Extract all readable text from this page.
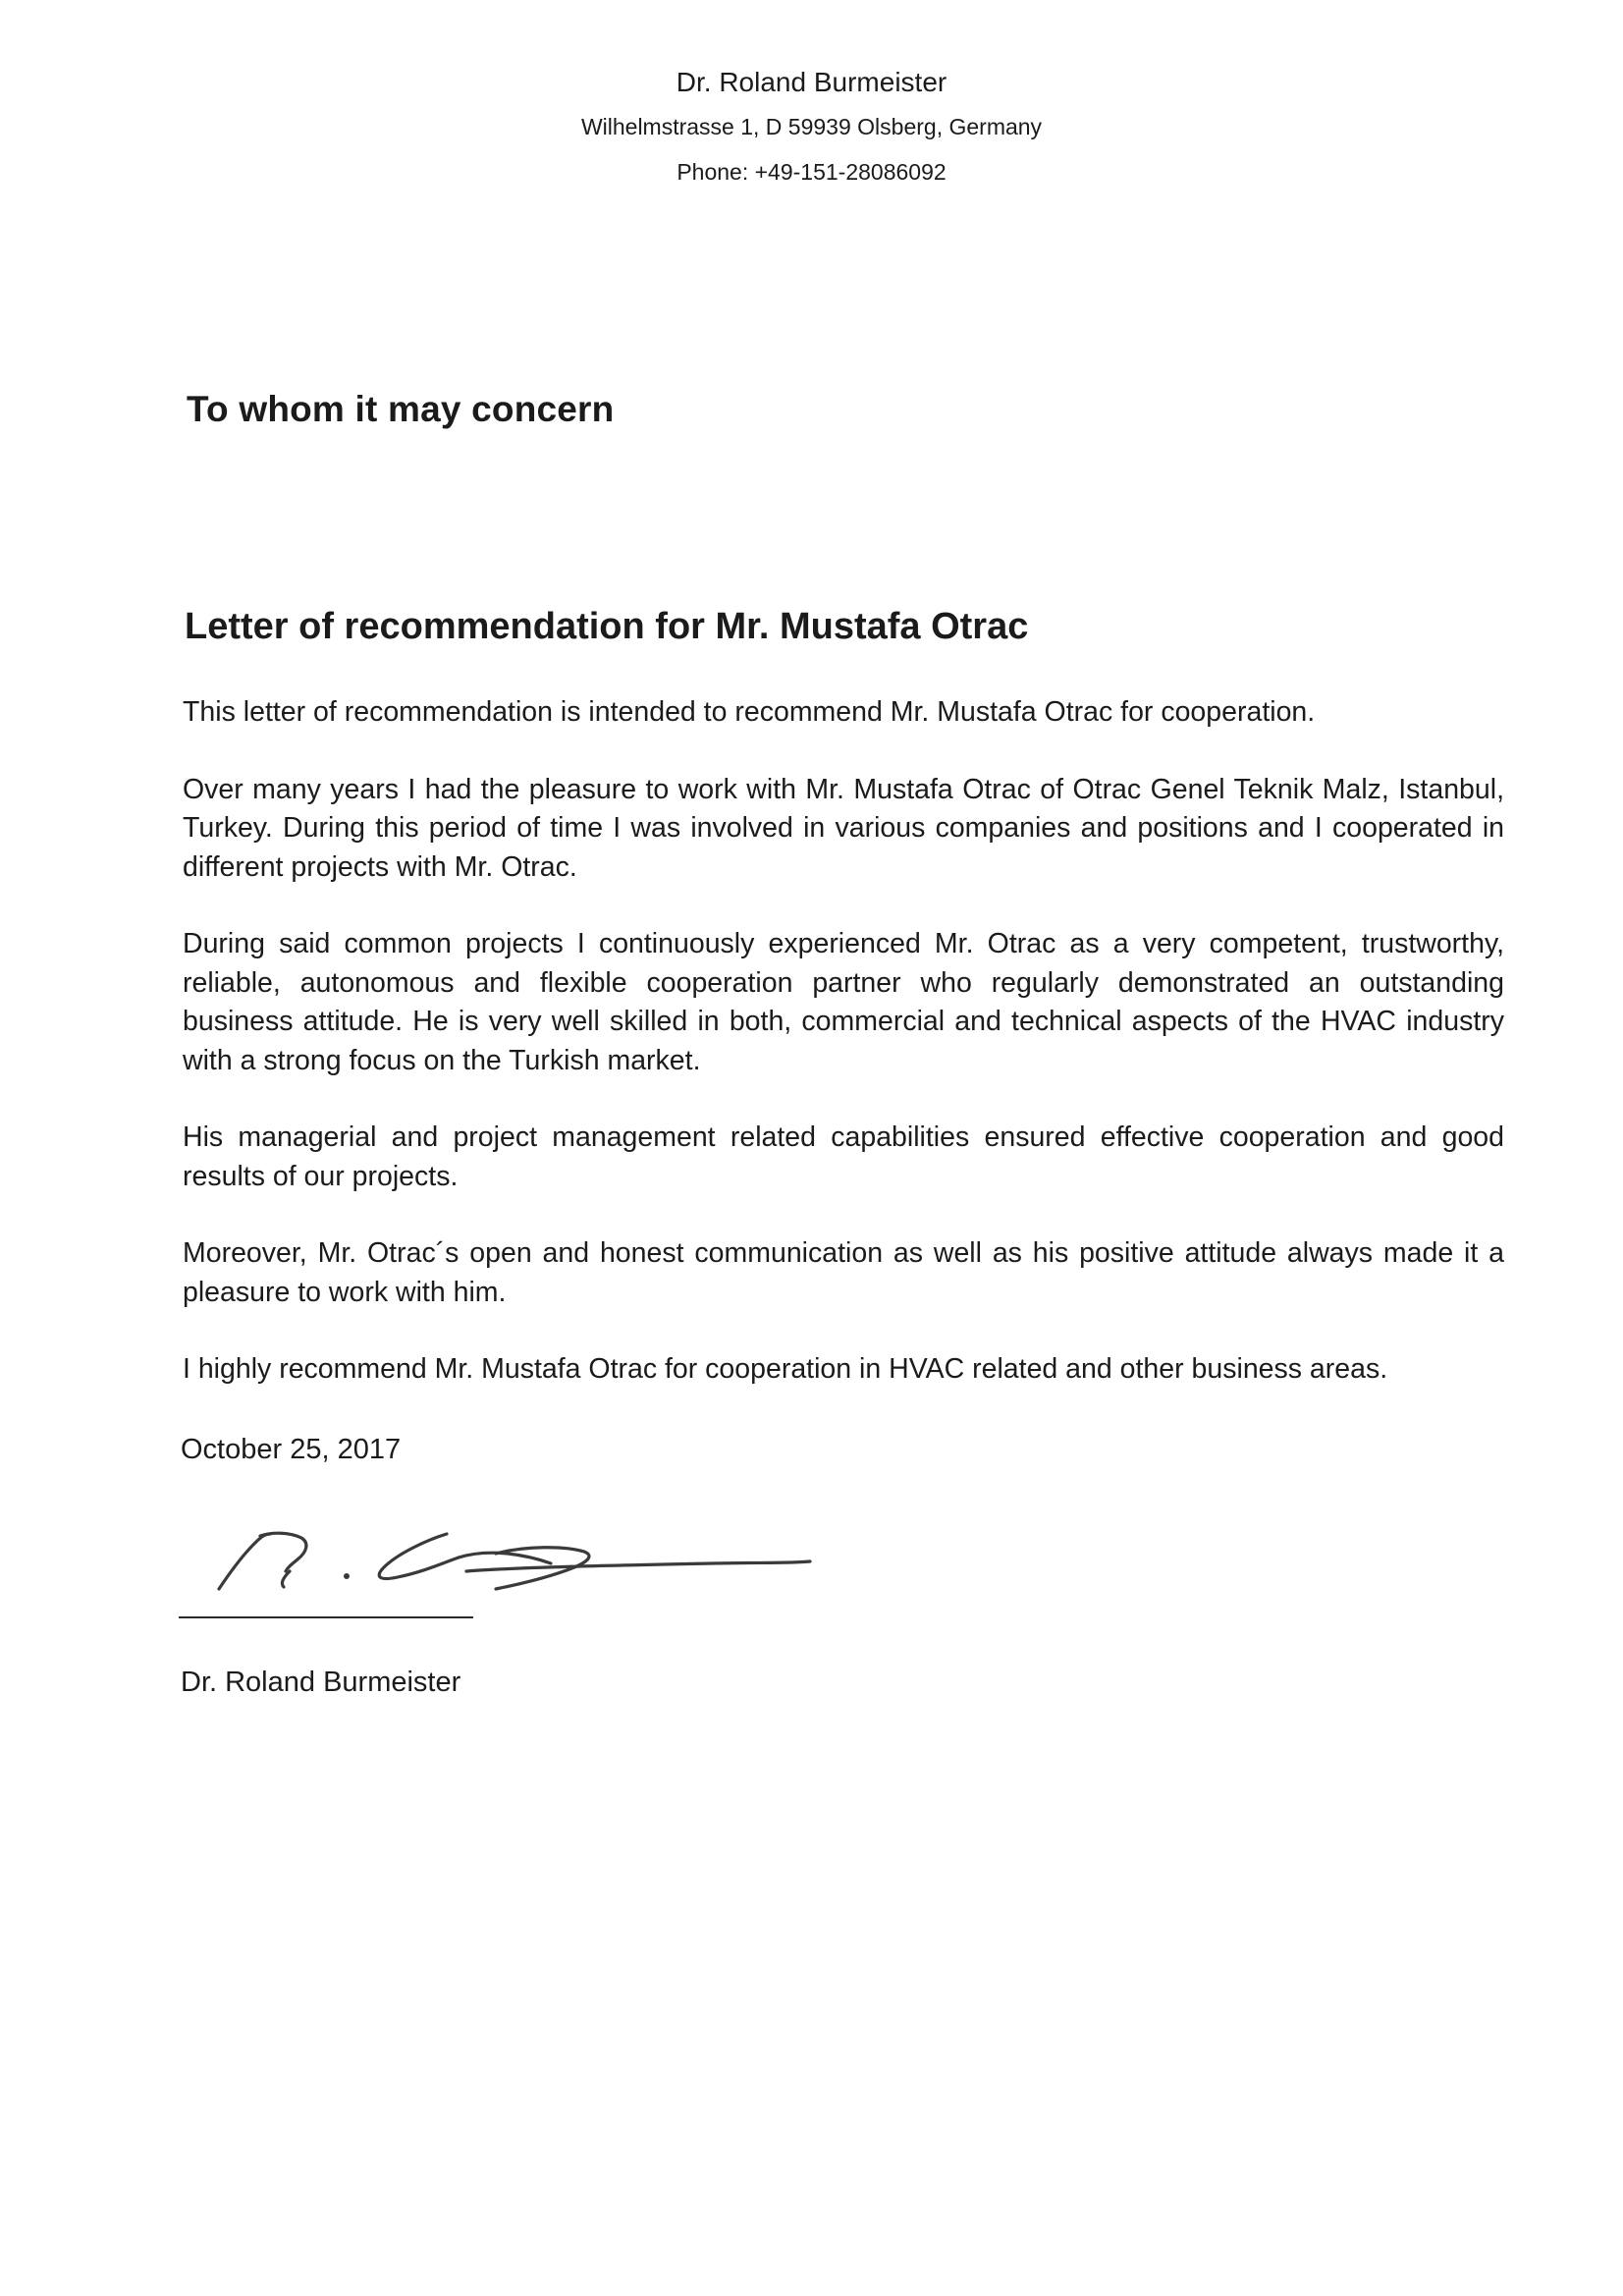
Dr. Roland Burmeister
Wilhelmstrasse 1, D 59939 Olsberg, Germany
Phone: +49-151-28086092
To whom it may concern
Letter of recommendation for Mr. Mustafa Otrac

This letter of recommendation is intended to recommend Mr. Mustafa Otrac for cooperation.

Over many years I had the pleasure to work with Mr. Mustafa Otrac of Otrac Genel Teknik Malz, Istanbul, Turkey. During this period of time I was involved in various companies and positions and I cooperated in different projects with Mr. Otrac.

During said common projects I continuously experienced Mr. Otrac as a very competent, trustworthy, reliable, autonomous and flexible cooperation partner who regularly demonstrated an outstanding business attitude. He is very well skilled in both, commercial and technical aspects of the HVAC industry with a strong focus on the Turkish market.

His managerial and project management related capabilities ensured effective cooperation and good results of our projects.

Moreover, Mr. Otrac´s open and honest communication as well as his positive attitude always made it a pleasure to work with him.

I highly recommend Mr. Mustafa Otrac for cooperation in HVAC related and other business areas.

October 25, 2017
Dr. Roland Burmeister
